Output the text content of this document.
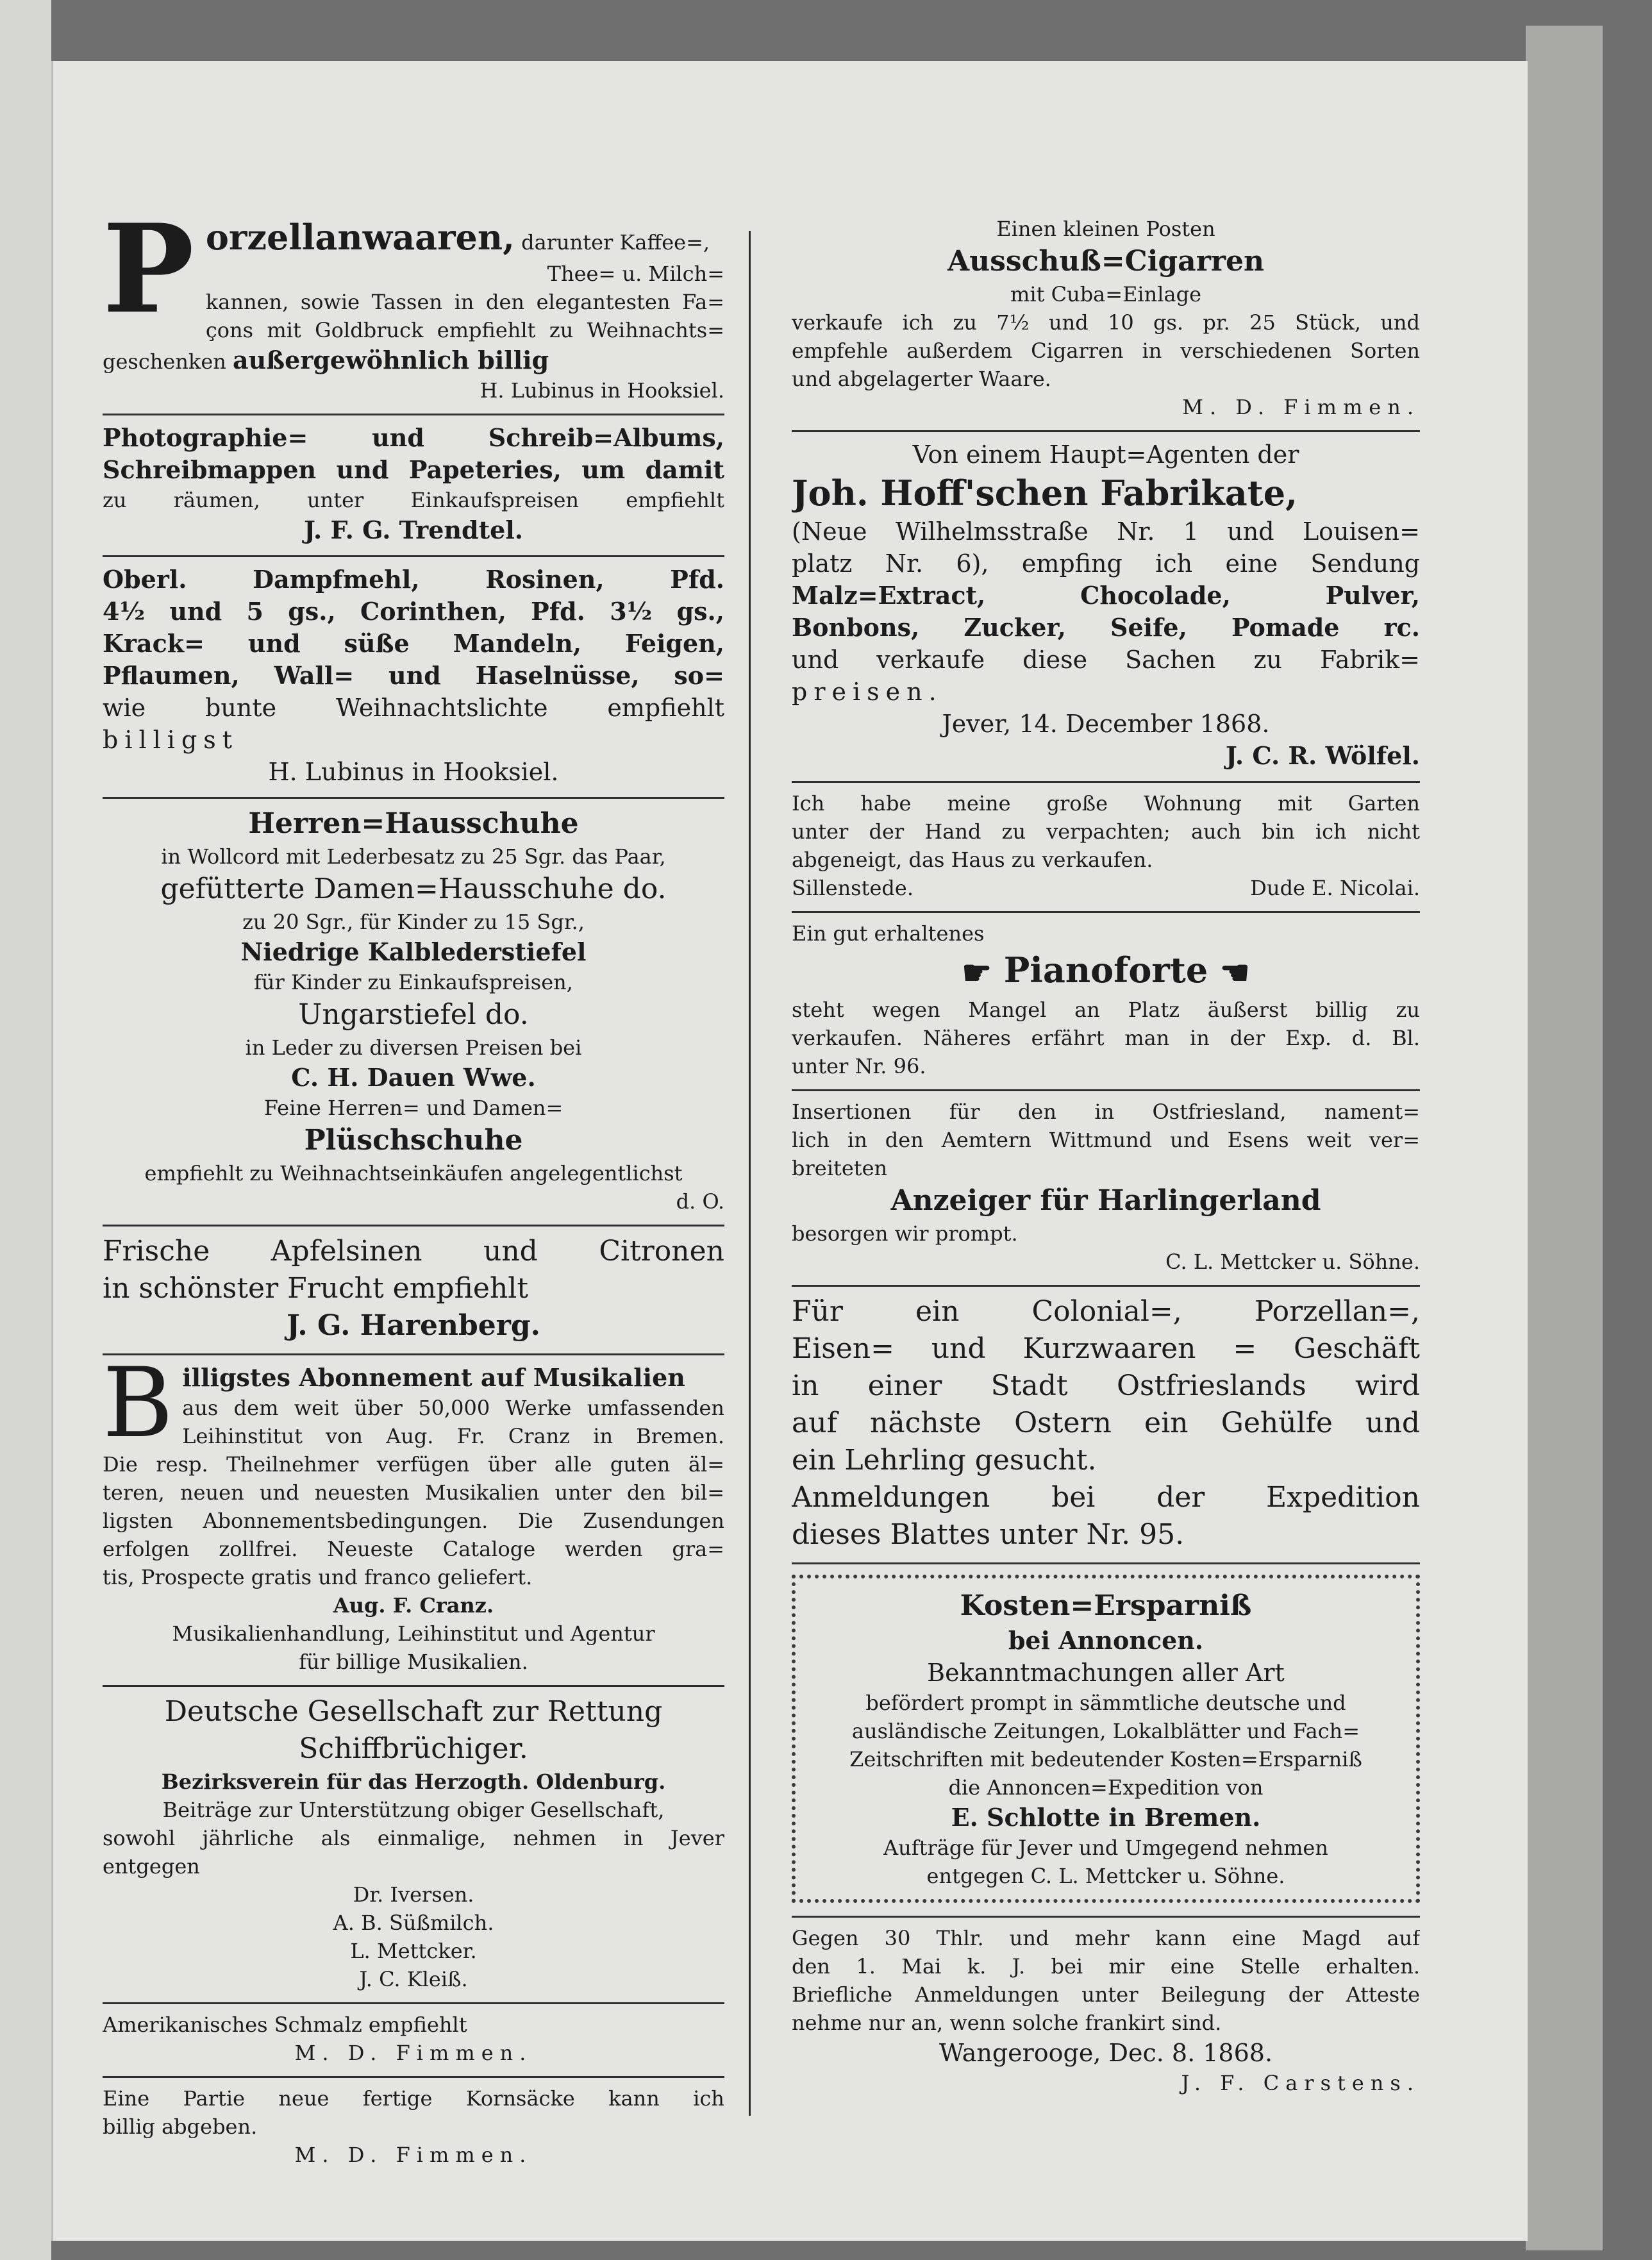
P orzellanwaaren, darunter Kaffee=,
Thee= u. Milch=
kannen, sowie Tassen in den elegantesten Fa=
çons mit Goldbruck empfiehlt zu Weihnachts=
geschenken außergewöhnlich billig
H. Lubinus in Hooksiel.
Photographie= und Schreib=Albums,
Schreibmappen und Papeteries, um damit
zu räumen, unter Einkaufspreisen empfiehlt
J. F. G. Trendtel.
Oberl. Dampfmehl, Rosinen, Pfd.
4½ und 5 gs., Corinthen, Pfd. 3½ gs.,
Krack= und süße Mandeln, Feigen,
Pflaumen, Wall= und Haselnüsse, so=
wie bunte Weihnachtslichte empfiehlt
billigst
H. Lubinus in Hooksiel.
Herren=Hausschuhe
in Wollcord mit Lederbesatz zu 25 Sgr. das Paar,
gefütterte Damen=Hausschuhe do.
zu 20 Sgr., für Kinder zu 15 Sgr.,
Niedrige Kalblederstiefel
für Kinder zu Einkaufspreisen,
Ungarstiefel do.
in Leder zu diversen Preisen bei
C. H. Dauen Wwe.
Feine Herren= und Damen=
Plüschschuhe
empfiehlt zu Weihnachtseinkäufen angelegentlichst
d. O.
Frische Apfelsinen und Citronen
in schönster Frucht empfiehlt
J. G. Harenberg.
B illigstes Abonnement auf Musikalien
aus dem weit über 50,000 Werke umfassenden
Leihinstitut von Aug. Fr. Cranz in Bremen.
Die resp. Theilnehmer verfügen über alle guten äl=
teren, neuen und neuesten Musikalien unter den bil=
ligsten Abonnementsbedingungen. Die Zusendungen
erfolgen zollfrei. Neueste Cataloge werden gra=
tis, Prospecte gratis und franco geliefert.
Aug. F. Cranz.
Musikalienhandlung, Leihinstitut und Agentur
für billige Musikalien.
Deutsche Gesellschaft zur Rettung
Schiffbrüchiger.
Bezirksverein für das Herzogth. Oldenburg.
Beiträge zur Unterstützung obiger Gesellschaft,
sowohl jährliche als einmalige, nehmen in Jever
entgegen
Dr. Iversen.
A. B. Süßmilch.
L. Mettcker.
J. C. Kleiß.
Amerikanisches Schmalz empfiehlt
M. D. Fimmen.
Eine Partie neue fertige Kornsäcke kann ich
billig abgeben.
M. D. Fimmen.
Einen kleinen Posten
Ausschuß=Cigarren
mit Cuba=Einlage
verkaufe ich zu 7½ und 10 gs. pr. 25 Stück, und
empfehle außerdem Cigarren in verschiedenen Sorten
und abgelagerter Waare.
M. D. Fimmen.
Von einem Haupt=Agenten der
Joh. Hoff'schen Fabrikate,
(Neue Wilhelmsstraße Nr. 1 und Louisen=
platz Nr. 6), empfing ich eine Sendung
Malz=Extract, Chocolade, Pulver,
Bonbons, Zucker, Seife, Pomade rc.
und verkaufe diese Sachen zu Fabrik=
preisen.
Jever, 14. December 1868.
J. C. R. Wölfel.
Ich habe meine große Wohnung mit Garten
unter der Hand zu verpachten; auch bin ich nicht
abgeneigt, das Haus zu verkaufen.
Sillenstede.	Dude E. Nicolai.
Ein gut erhaltenes
☛ Pianoforte ☚
steht wegen Mangel an Platz äußerst billig zu
verkaufen. Näheres erfährt man in der Exp. d. Bl.
unter Nr. 96.
Insertionen für den in Ostfriesland, nament=
lich in den Aemtern Wittmund und Esens weit ver=
breiteten
Anzeiger für Harlingerland
besorgen wir prompt.
C. L. Mettcker u. Söhne.
Für ein Colonial=, Porzellan=,
Eisen= und Kurzwaaren = Geschäft
in einer Stadt Ostfrieslands wird
auf nächste Ostern ein Gehülfe und
ein Lehrling gesucht.
Anmeldungen bei der Expedition
dieses Blattes unter Nr. 95.
Kosten=Ersparniß
bei Annoncen.
Bekanntmachungen aller Art
befördert prompt in sämmtliche deutsche und
ausländische Zeitungen, Lokalblätter und Fach=
Zeitschriften mit bedeutender Kosten=Ersparniß
die Annoncen=Expedition von
E. Schlotte in Bremen.
Aufträge für Jever und Umgegend nehmen
entgegen C. L. Mettcker u. Söhne.
Gegen 30 Thlr. und mehr kann eine Magd auf
den 1. Mai k. J. bei mir eine Stelle erhalten.
Briefliche Anmeldungen unter Beilegung der Atteste
nehme nur an, wenn solche frankirt sind.
Wangerooge, Dec. 8. 1868.
J. F. Carstens.
